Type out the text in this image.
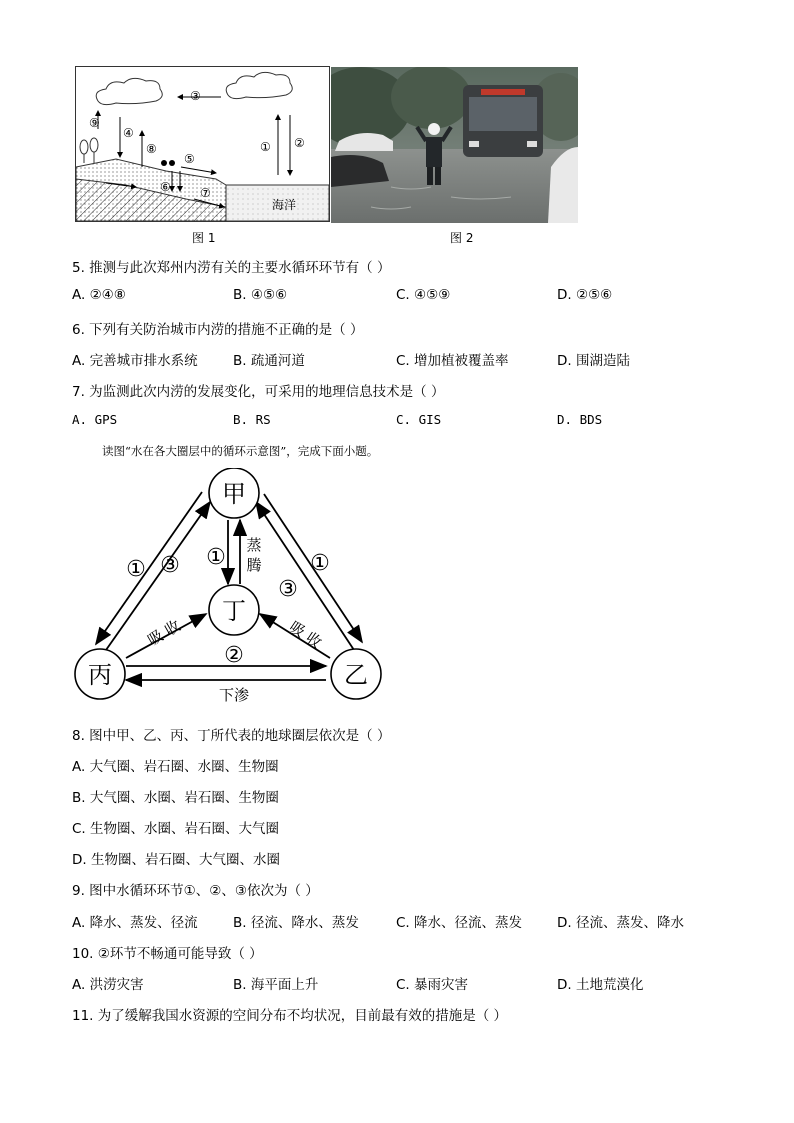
③
④
⑨
⑧	① ②
⑤
⑥ ⑦
海洋
图 1	图 2
5. 推测与此次郑州内涝有关的主要水循环环节有（ ）
A. ②④⑧	B. ④⑤⑥	C. ④⑤⑨	D. ②⑤⑥
6. 下列有关防治城市内涝的措施不正确的是（ ）
A. 完善城市排水系统	B. 疏通河道	C. 增加植被覆盖率	D. 围湖造陆
7. 为监测此次内涝的发展变化，可采用的地理信息技术是（ ）
A. GPS	B. RS	C. GIS	D. BDS
读图“水在各大圈层中的循环示意图”，完成下面小题。
甲
丁
丙	乙
① ③
吸 收
① 蒸
腾
③
①
吸 收
②
下渗
8. 图中甲、乙、丙、丁所代表的地球圈层依次是（ ）
A. 大气圈、岩石圈、水圈、生物圈
B. 大气圈、水圈、岩石圈、生物圈
C. 生物圈、水圈、岩石圈、大气圈
D. 生物圈、岩石圈、大气圈、水圈
9. 图中水循环环节①、②、③依次为（ ）
A. 降水、蒸发、径流	B. 径流、降水、蒸发	C. 降水、径流、蒸发	D. 径流、蒸发、降水
10. ②环节不畅通可能导致（ ）
A. 洪涝灾害	B. 海平面上升	C. 暴雨灾害	D. 土地荒漠化
11. 为了缓解我国水资源的空间分布不均状况，目前最有效的措施是（ ）
